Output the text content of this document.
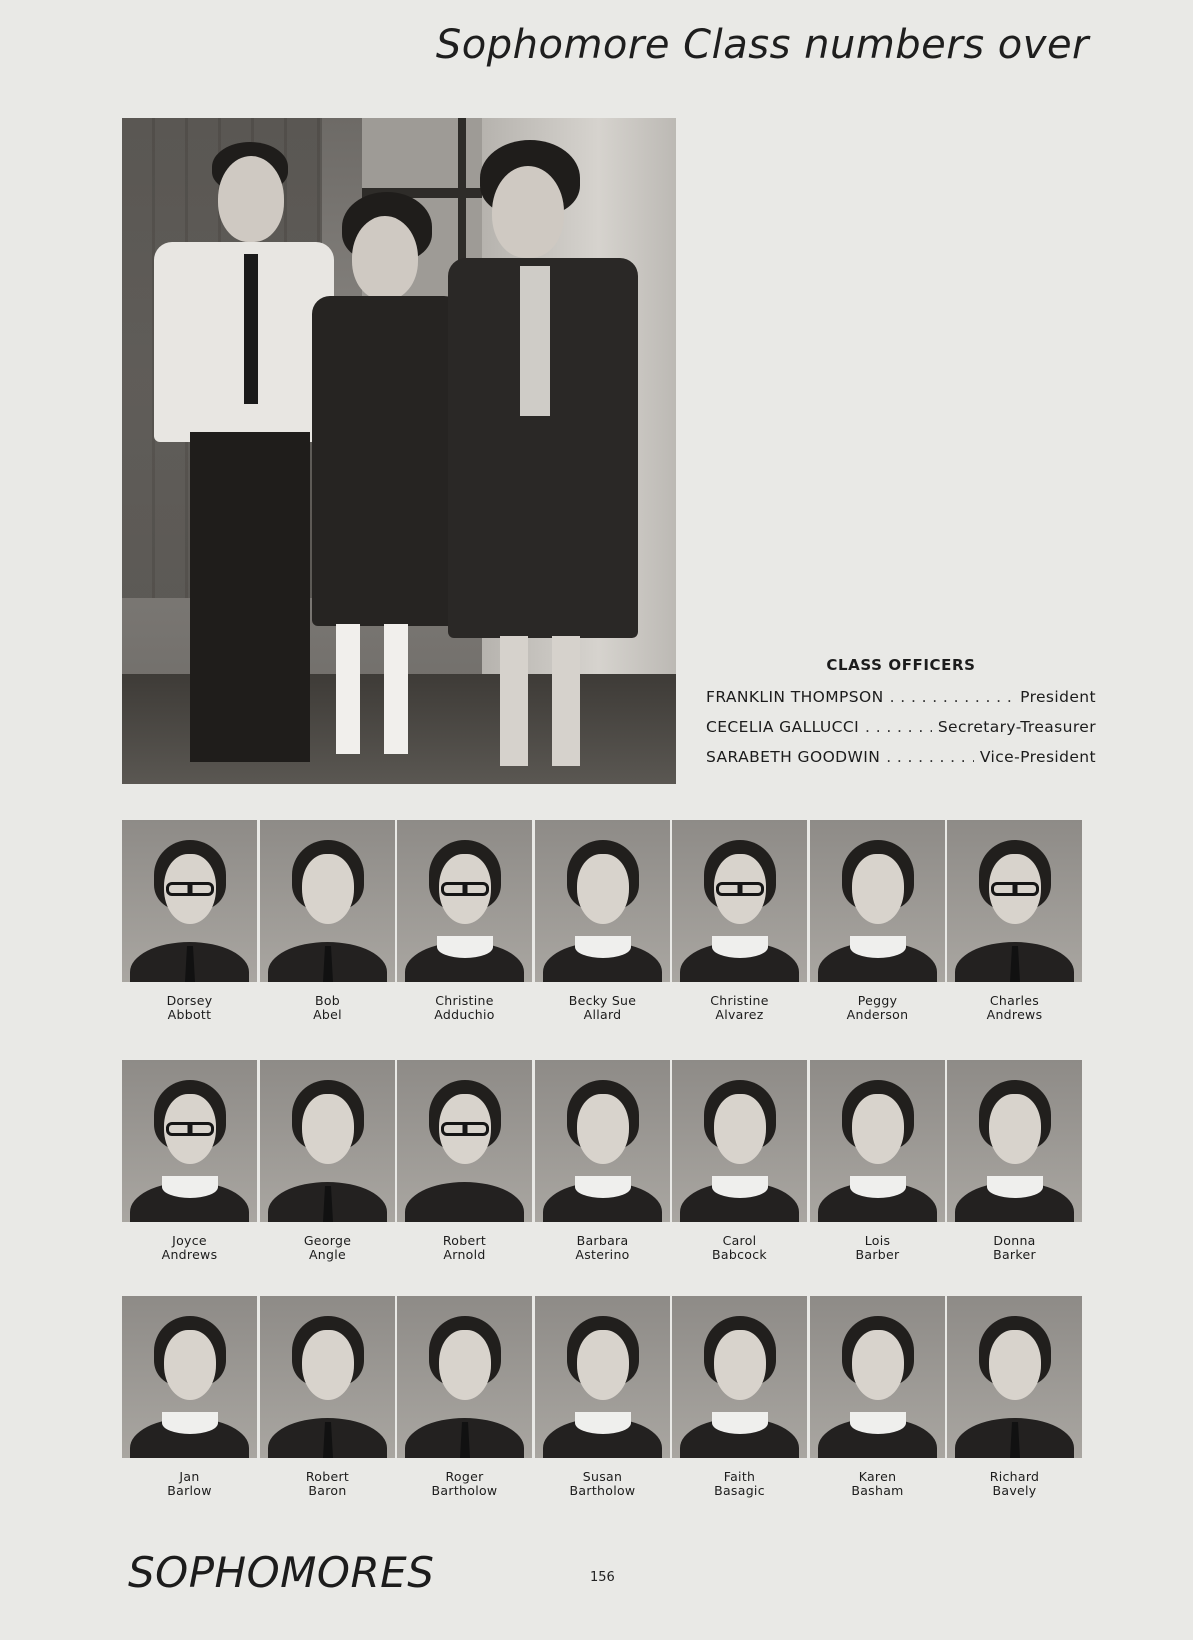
Sophomore Class numbers over
CLASS OFFICERS
FRANKLIN THOMPSON . . .	President
CECELIA GALLUCCI . . .	Secretary-Treasurer
SARABETH GOODWIN . . .	Vice-President
Dorsey
Abbott
Bob
Abel
Christine
Adduchio
Becky Sue
Allard
Christine
Alvarez
Peggy
Anderson
Charles
Andrews
Joyce
Andrews
George
Angle
Robert
Arnold
Barbara
Asterino
Carol
Babcock
Lois
Barber
Donna
Barker
Jan
Barlow
Robert
Baron
Roger
Bartholow
Susan
Bartholow
Faith
Basagic
Karen
Basham
Richard
Bavely
SOPHOMORES	156
